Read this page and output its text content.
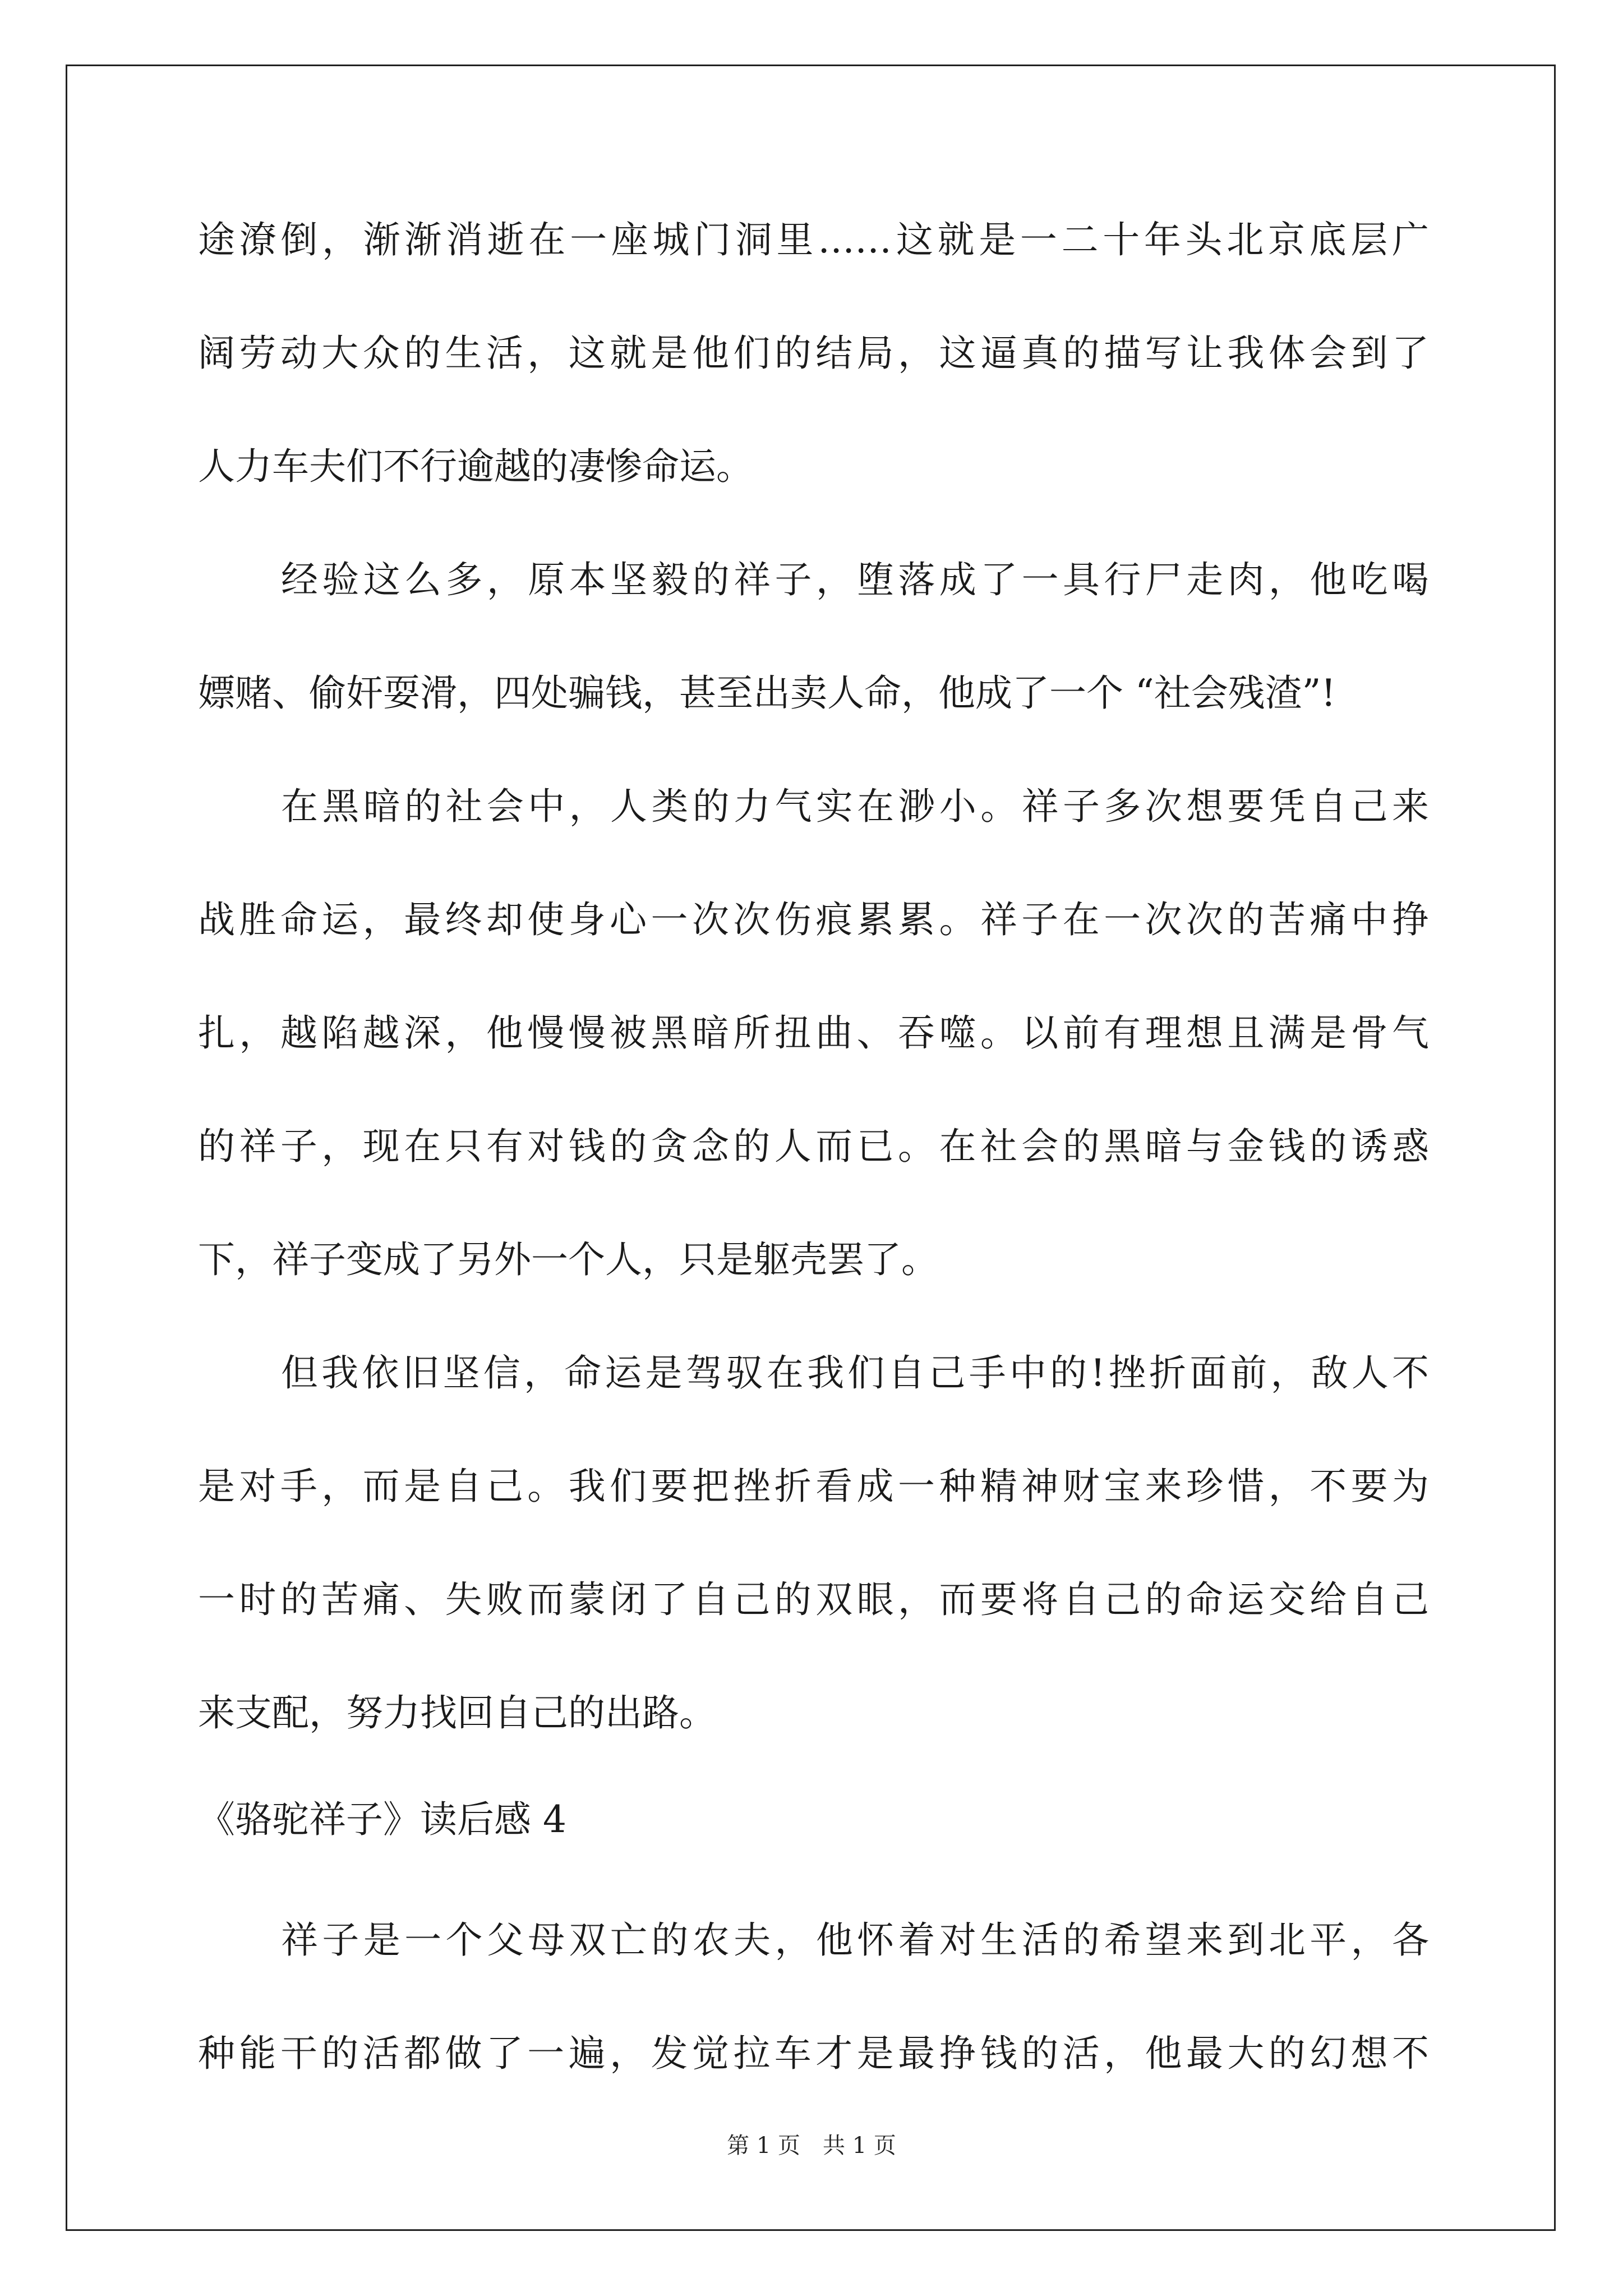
途潦倒，渐渐消逝在一座城门洞里……这就是一二十年头北京底层广
阔劳动大众的生活，这就是他们的结局，这逼真的描写让我体会到了
人力车夫们不行逾越的凄惨命运。
经验这么多，原本坚毅的祥子，堕落成了一具行尸走肉，他吃喝
嫖赌、偷奸耍滑，四处骗钱，甚至出卖人命，他成了一个 “社会残渣”!
在黑暗的社会中，人类的力气实在渺小。祥子多次想要凭自己来
战胜命运，最终却使身心一次次伤痕累累。祥子在一次次的苦痛中挣
扎，越陷越深，他慢慢被黑暗所扭曲、吞噬。以前有理想且满是骨气
的祥子，现在只有对钱的贪念的人而已。在社会的黑暗与金钱的诱惑
下，祥子变成了另外一个人，只是躯壳罢了。
但我依旧坚信，命运是驾驭在我们自己手中的!挫折面前，敌人不
是对手，而是自己。我们要把挫折看成一种精神财宝来珍惜，不要为
一时的苦痛、失败而蒙闭了自己的双眼，而要将自己的命运交给自己
来支配，努力找回自己的出路。
《骆驼祥子》读后感 4
祥子是一个父母双亡的农夫，他怀着对生活的希望来到北平，各
种能干的活都做了一遍，发觉拉车才是最挣钱的活，他最大的幻想不
第 1 页　共 1 页
